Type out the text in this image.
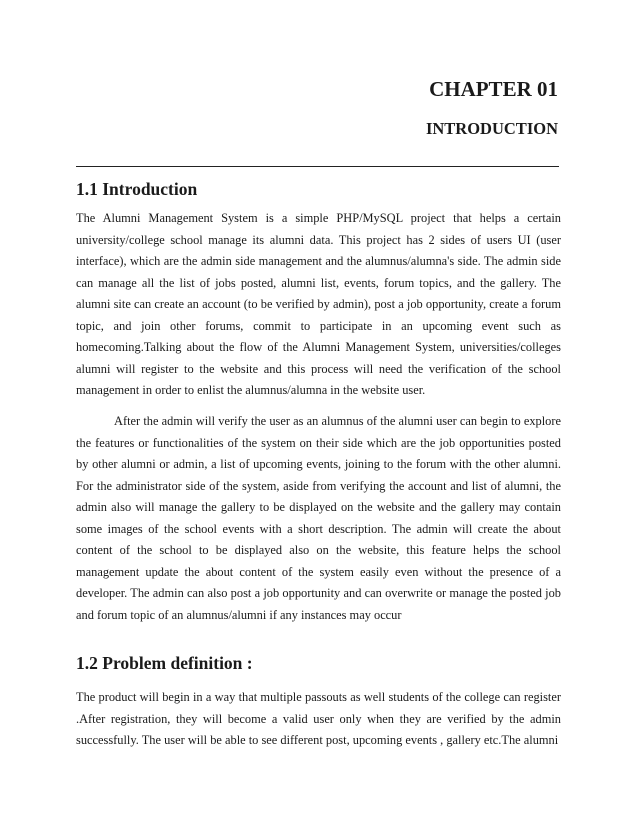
CHAPTER 01
INTRODUCTION
1.1 Introduction

The Alumni Management System is a simple PHP/MySQL project that helps a certain university/college school manage its alumni data. This project has 2 sides of users UI (user interface), which are the admin side management and the alumnus/alumna's side. The admin side can manage all the list of jobs posted, alumni list, events, forum topics, and the gallery. The alumni site can create an account (to be verified by admin), post a job opportunity, create a forum topic, and join other forums, commit to participate in an upcoming event such as homecoming.Talking about the flow of the Alumni Management System, universities/colleges alumni will register to the website and this process will need the verification of the school management in order to enlist the alumnus/alumna in the website user.

After the admin will verify the user as an alumnus of the alumni user can begin to explore the features or functionalities of the system on their side which are the job opportunities posted by other alumni or admin, a list of upcoming events, joining to the forum with the other alumni. For the administrator side of the system, aside from verifying the account and list of alumni, the admin also will manage the gallery to be displayed on the website and the gallery may contain some images of the school events with a short description. The admin will create the about content of the school to be displayed also on the website, this feature helps the school management update the about content of the system easily even without the presence of a developer. The admin can also post a job opportunity and can overwrite or manage the posted job and forum topic of an alumnus/alumni if any instances may occur

1.2 Problem definition :

The product will begin in a way that multiple passouts as well students of the college can register .After registration, they will become a valid user only when they are verified by the admin successfully. The user will be able to see different post, upcoming events , gallery etc.The alumni
